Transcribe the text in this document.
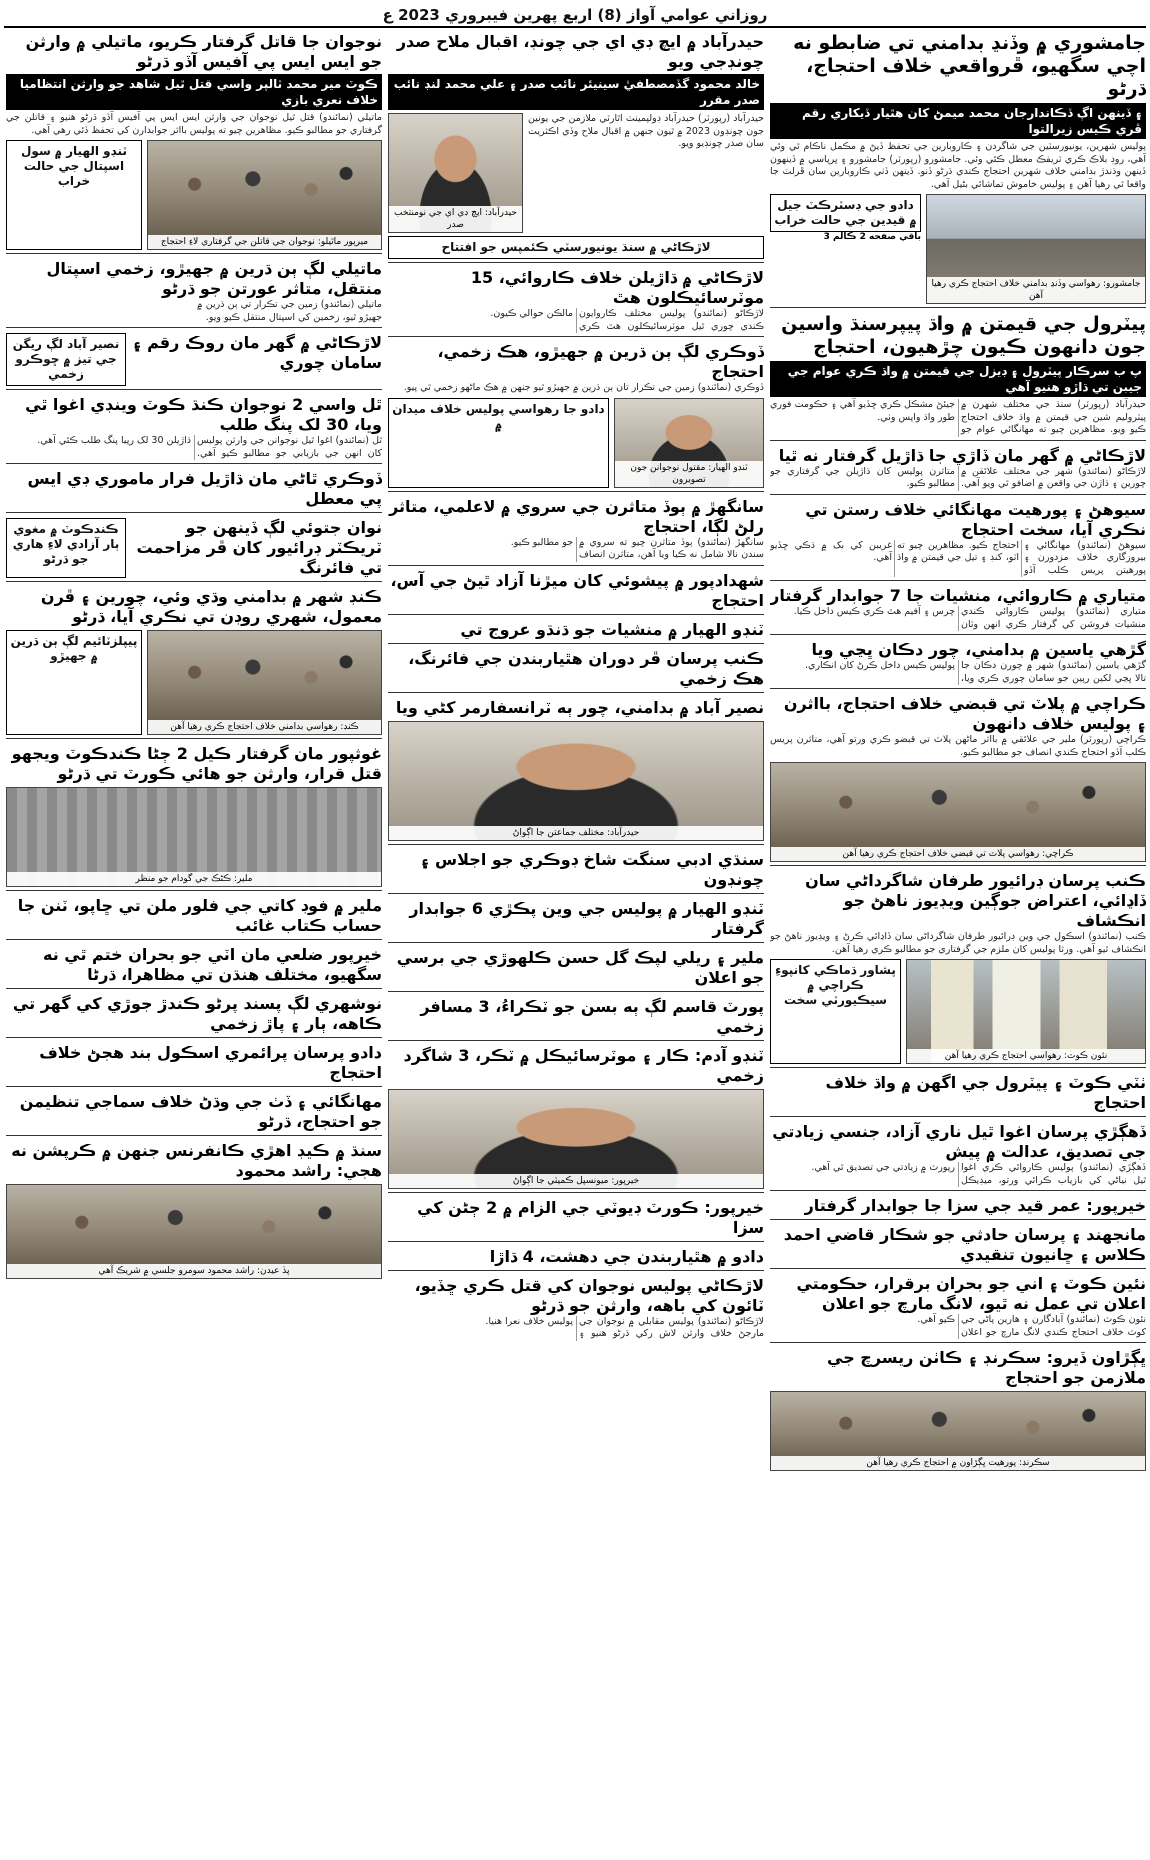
روزاني عوامي آواز (8) اربع پهرين فيبروري 2023 ع
جامشوري ۾ وڏنڍ بدامني تي ضابطو نه اچي سگهيو، ڦرواقعي خلاف احتجاج، ڌرڻو
۽ ڏينهن اڳ ڏڪاندارجان محمد ميمڻ کان هٿيار ڏيکاري رقم ڦري ڪيس زيرالتوا
پوليس شهرين، يونيورسٽين جي شاگردن ۽ ڪاروبارين جي تحفظ ڏيڻ ۾ مڪمل ناڪام ٿي وئي آهي، روڊ بلاڪ ڪري ٽريفڪ معطل ڪئي وئي. جامشورو (رپورٽر) جامشورو ۽ ڀرپاسي ۾ ڏينهون ڏينهن وڌندڙ بدامني خلاف شهرين احتجاج ڪندي ڌرڻو ڏنو. ڏينهن ڏٺي ڪاروبارين سان ڦرلٽ جا واقعا ٿي رهيا آهن ۽ پوليس خاموش تماشائي بڻيل آهي.
جامشورو: رهواسي وڏنڍ بدامني خلاف احتجاج ڪري رهيا آهن
دادو جي ڊسٽرڪٽ جيل ۾ قيدين جي حالت خراب
باقي صفحه 2 ڪالم 3
پيٽرول جي قيمتن ۾ واڌ پيپرسنڌ واسين جون دانهون ڪيون چڙهيون، احتجاج
پ ب سرڪار پيٽرول ۽ ڊيزل جي قيمتن ۾ واڌ ڪري عوام جي جيبن تي ڌاڙو هنيو آهي
حيدرآباد (رپورٽر) سنڌ جي مختلف شهرن ۾ پيٽرولیم شين جي قيمتن ۾ واڌ خلاف احتجاج ڪيو ويو. مظاهرين چيو ته مهانگائي عوام جو جيئڻ مشڪل ڪري ڇڏيو آهي ۽ حڪومت فوري طور واڌ واپس وٺي.
لاڙڪاڻي ۾ گهر مان ڏاڙي جا ڌاڙيل گرفتار نه ٿيا
لاڙڪاڻو (نمائندو) شهر جي مختلف علائقن ۾ چورين ۽ ڌاڙن جي واقعن ۾ اضافو ٿي ويو آهي. متاثرن پوليس کان ڌاڙيلن جي گرفتاري جو مطالبو ڪيو.
سيوهڻ ۽ پورهيت مهانگائي خلاف رستن تي نڪري آيا، سخت احتجاج
سيوهڻ (نمائندو) مهانگائي ۽ بيروزگاري خلاف مزدورن ۽ پورهيتن پريس ڪلب آڏو احتجاج ڪيو. مظاهرين چيو ته اٽو، کنڊ ۽ تيل جي قيمتن ۾ واڌ غريبن کي بک ۾ ڌڪي ڇڏيو آهي.
متياري ۾ ڪاروائي، منشيات جا 7 جوابدار گرفتار
متياري (نمائندو) پوليس ڪاروائي ڪندي منشيات فروشن کي گرفتار ڪري انهن وٽان چرس ۽ آفيم هٿ ڪري ڪيس داخل ڪيا.
گڙهي ياسين ۾ بدامني، چور دڪان ڀڃي ويا
گڙهي ياسين (نمائندو) شهر ۾ چورن دڪان جا تالا ڀڃي لکين رپين جو سامان چوري ڪري ويا، پوليس ڪيس داخل ڪرڻ کان انڪاري.
ڪراچي ۾ پلاٽ تي قبضي خلاف احتجاج، بااثرن ۽ پوليس خلاف دانهون
ڪراچي (رپورٽر) ملير جي علائقي ۾ بااثر ماڻهن پلاٽ تي قبضو ڪري ورتو آهي، متاثرن پريس ڪلب آڏو احتجاج ڪندي انصاف جو مطالبو ڪيو.
ڪراچي: رهواسي پلاٽ تي قبضي خلاف احتجاج ڪري رهيا آهن
ڪنب پرسان ڊرائيور طرفان شاگرداڻي سان ڏاڍائي، اعتراض جوڳين ويڊيوز ناهڻ جو انڪشاف
ڪنب (نمائندو) اسڪول جي وين ڊرائيور طرفان شاگرداڻي سان ڏاڍائي ڪرڻ ۽ ويڊيوز ناهڻ جو انڪشاف ٿيو آهي. ورثا پوليس کان ملزم جي گرفتاري جو مطالبو ڪري رهيا آهن.
نئون ڪوٽ: رهواسي احتجاج ڪري رهيا آهن
پشاور ڌماڪي کانپوءِ ڪراچي ۾ سيڪيورٽي سخت
ٺٽي ڪوٽ ۽ پيٽرول جي اگهن ۾ واڌ خلاف احتجاج
ڏهڳڙي پرسان اغوا ٿيل ناري آزاد، جنسي زيادتي جي تصديق، عدالت ۾ پيش
ڏهڳڙي (نمائندو) پوليس ڪاروائي ڪري اغوا ٿيل نياڻي کي بازياب ڪرائي ورتو، ميڊيڪل رپورٽ ۾ زيادتي جي تصديق ٿي آهي.
خيرپور: عمر قيد جي سزا جا جوابدار گرفتار
مانجهند ۽ پرسان حادثي جو شڪار قاضي احمد ڪلاس ۽ ڇانيون تنقيدي
نئين ڪوٽ ۽ اني جو بحران برقرار، حڪومتي اعلان تي عمل نه ٿيو، لانگ مارچ جو اعلان
نئون ڪوٽ (نمائندو) آبادگارن ۽ هارين پاڻي جي کوٽ خلاف احتجاج ڪندي لانگ مارچ جو اعلان ڪيو آهي.
ڀڳڙاون ڏيرو: سڪرنڊ ۽ ڪاٺن ريسرچ جي ملازمن جو احتجاج
سڪرنڊ: پورهيت ڀڳڙاون ۾ احتجاج ڪري رهيا آهن
حيدرآباد ۾ ايچ ڊي اي جي چونڊ، اقبال ملاح صدر چونڊجي ويو
خالد محمود گڏمصطفيٰ سينيئر نائب صدر ۽ علي محمد لنڊ نائب صدر مقرر
حيدرآباد (رپورٽر) حيدرآباد ڊولپمينٽ اٿارٽي ملازمن جي يونين جون چونڊون 2023 ۾ ٿيون جنهن ۾ اقبال ملاح وڏي اڪثريت سان صدر چونڊيو ويو.
حيدرآباد: ايچ ڊي اي جي نومنتخب صدر
لاڙڪاڻي ۾ سنڌ يونيورسٽي ڪئمپس جو افتتاح
لاڙڪاڻي ۾ ڌاڙيلن خلاف ڪاروائي، 15 موٽرسائيڪلون هٿ
لاڙڪاڻو (نمائندو) پوليس مختلف ڪاروايون ڪندي چوري ٿيل موٽرسائيڪلون هٿ ڪري مالڪن حوالي ڪيون.
ڏوڪري لڳ ٻن ڌرين ۾ جهيڙو، هڪ زخمي، احتجاج
ڏوڪري (نمائندو) زمين جي تڪرار تان ٻن ڌرين ۾ جهيڙو ٿيو جنهن ۾ هڪ ماڻهو زخمي ٿي پيو.
ٽنڊو الهيار: مقتول نوجوانن جون تصويرون
دادو جا رهواسي پوليس خلاف ميدان ۾
سانگهڙ ۾ ٻوڏ متاثرن جي سروي ۾ لاعلمي، متاثر رلڻ لڳا، احتجاج
سانگهڙ (نمائندو) ٻوڏ متاثرن چيو ته سروي ۾ سندن نالا شامل نه ڪيا ويا آهن، متاثرن انصاف جو مطالبو ڪيو.
شهدادپور ۾ پيشوئي کان ميڙنا آزاد ٿيڻ جي آس، احتجاج
ٽنڊو الهيار ۾ منشيات جو ڌنڌو عروج تي
ڪنب پرسان ڦر دوران هٿياربندن جي فائرنگ، هڪ زخمي
نصير آباد ۾ بدامني، چور ٻه ٽرانسفارمر کڻي ويا
حيدرآباد: مختلف جماعتن جا اڳواڻ
سنڌي ادبي سنگت شاخ ڊوڪري جو اجلاس ۽ چونڊون
ٽنڊو الهيار ۾ پوليس جي وين پڪڙي 6 جوابدار گرفتار
ملير ۽ ريلي لپڪ گل حسن ڪلهوڙي جي برسي جو اعلان
پورٽ قاسم لڳ ٻه بسن جو ٽڪراءُ، 3 مسافر زخمي
ٽنڊو آدم: ڪار ۽ موٽرسائيڪل ۾ ٽڪر، 3 شاگرد زخمي
خيرپور: ميونسپل ڪميٽي جا اڳواڻ
خيرپور: ڪورٽ ڊيوٽي جي الزام ۾ 2 ڄڻن کي سزا
دادو ۾ هٿياربندن جي دهشت، 4 ڌاڙا
لاڙڪاڻي پوليس نوجوان کي قتل ڪري ڇڏيو، ٽائون کي باهه، وارثن جو ڌرڻو
لاڙڪاڻو (نمائندو) پوليس مقابلي ۾ نوجوان جي مارجڻ خلاف وارثن لاش رکي ڌرڻو هنيو ۽ پوليس خلاف نعرا هنيا.
نوجوان جا قاتل گرفتار ڪريو، ماتيلي ۾ وارثن جو ايس ايس پي آفيس آڏو ڌرڻو
ڪوٽ مير محمد ٽالپر واسي قتل ٿيل شاهد جو وارثن انتظاميا خلاف نعري بازي
ماتيلي (نمائندو) قتل ٿيل نوجوان جي وارثن ايس ايس پي آفيس آڏو ڌرڻو هنيو ۽ قاتلن جي گرفتاري جو مطالبو ڪيو. مظاهرين چيو ته پوليس بااثر جوابدارن کي تحفظ ڏئي رهي آهي.
ميرپور ماٿيلو: نوجوان جي قاتلن جي گرفتاري لاءِ احتجاج
ٽنڊو الهيار ۾ سول اسپتال جي حالت خراب
ماتيلي لڳ ٻن ڌرين ۾ جهيڙو، زخمي اسپتال منتقل، متاثر عورتن جو ڌرڻو
ماتيلي (نمائندو) زمين جي تڪرار تي ٻن ڌرين ۾ جهيڙو ٿيو، زخمين کي اسپتال منتقل ڪيو ويو.
لاڙڪاڻي ۾ گهر مان روڪ رقم ۽ سامان چوري
نصير آباد لڳ ريگن جي تيز ۾ ڇوڪرو زخمي
ٿل واسي 2 نوجوان ڪنڌ ڪوٽ وينڊي اغوا ٿي ويا، 30 لک پنگ طلب
ٿل (نمائندو) اغوا ٿيل نوجوانن جي وارثن پوليس کان انهن جي بازيابي جو مطالبو ڪيو آهي. ڌاڙيلن 30 لک رپيا پنگ طلب ڪئي آهي.
ڏوڪري ٿاڻي مان ڌاڙيل فرار ماموري ڊي ايس پي معطل
نوان جتوئي لڳ ڏينهن جو ٽريڪٽر ڊرائيور کان ڦر مزاحمت تي فائرنگ
ڪندڪوٽ ۾ مغوي ٻار آزادي لاءِ هاري جو ڌرڻو
ڪنڊ شهر ۾ بدامني وڌي وئي، چورين ۽ ڦرن معمول، شهري روڊن تي نڪري آيا، ڌرڻو
ڪنڊ: رهواسي بدامني خلاف احتجاج ڪري رهيا آهن
پيپلزٽائيم لڳ ٻن ڌرين ۾ جهيڙو
غوثپور مان گرفتار ڪيل 2 ڄڻا ڪندڪوٽ ويجهو قتل قرار، وارثن جو هائي ڪورٽ تي ڌرڻو
ملير: ڪڻڪ جي گودام جو منظر
ملير ۾ فوڊ کاتي جي فلور ملن تي ڇاپو، ٽنن جا حساب ڪتاب غائب
خيرپور ضلعي مان اٽي جو بحران ختم ٿي نه سگهيو، مختلف هنڌن تي مظاهرا، ڌرڻا
نوشهري لڳ پسند پرڻو ڪندڙ جوڙي کي گهر تي ڪاهه، ٻار ۽ پاڙ زخمي
دادو پرسان پرائمري اسڪول بند هجڻ خلاف احتجاج
مهانگائي ۽ ڏٺ جي وڌڻ خلاف سماجي تنظيمن جو احتجاج، ڌرڻو
سنڌ ۾ ڪيڊ اهڙي ڪانفرنس جنهن ۾ ڪرپشن نه هجي: راشد محمود
پڏ عيدن: راشد محمود سومرو جلسي ۾ شريڪ آهي
